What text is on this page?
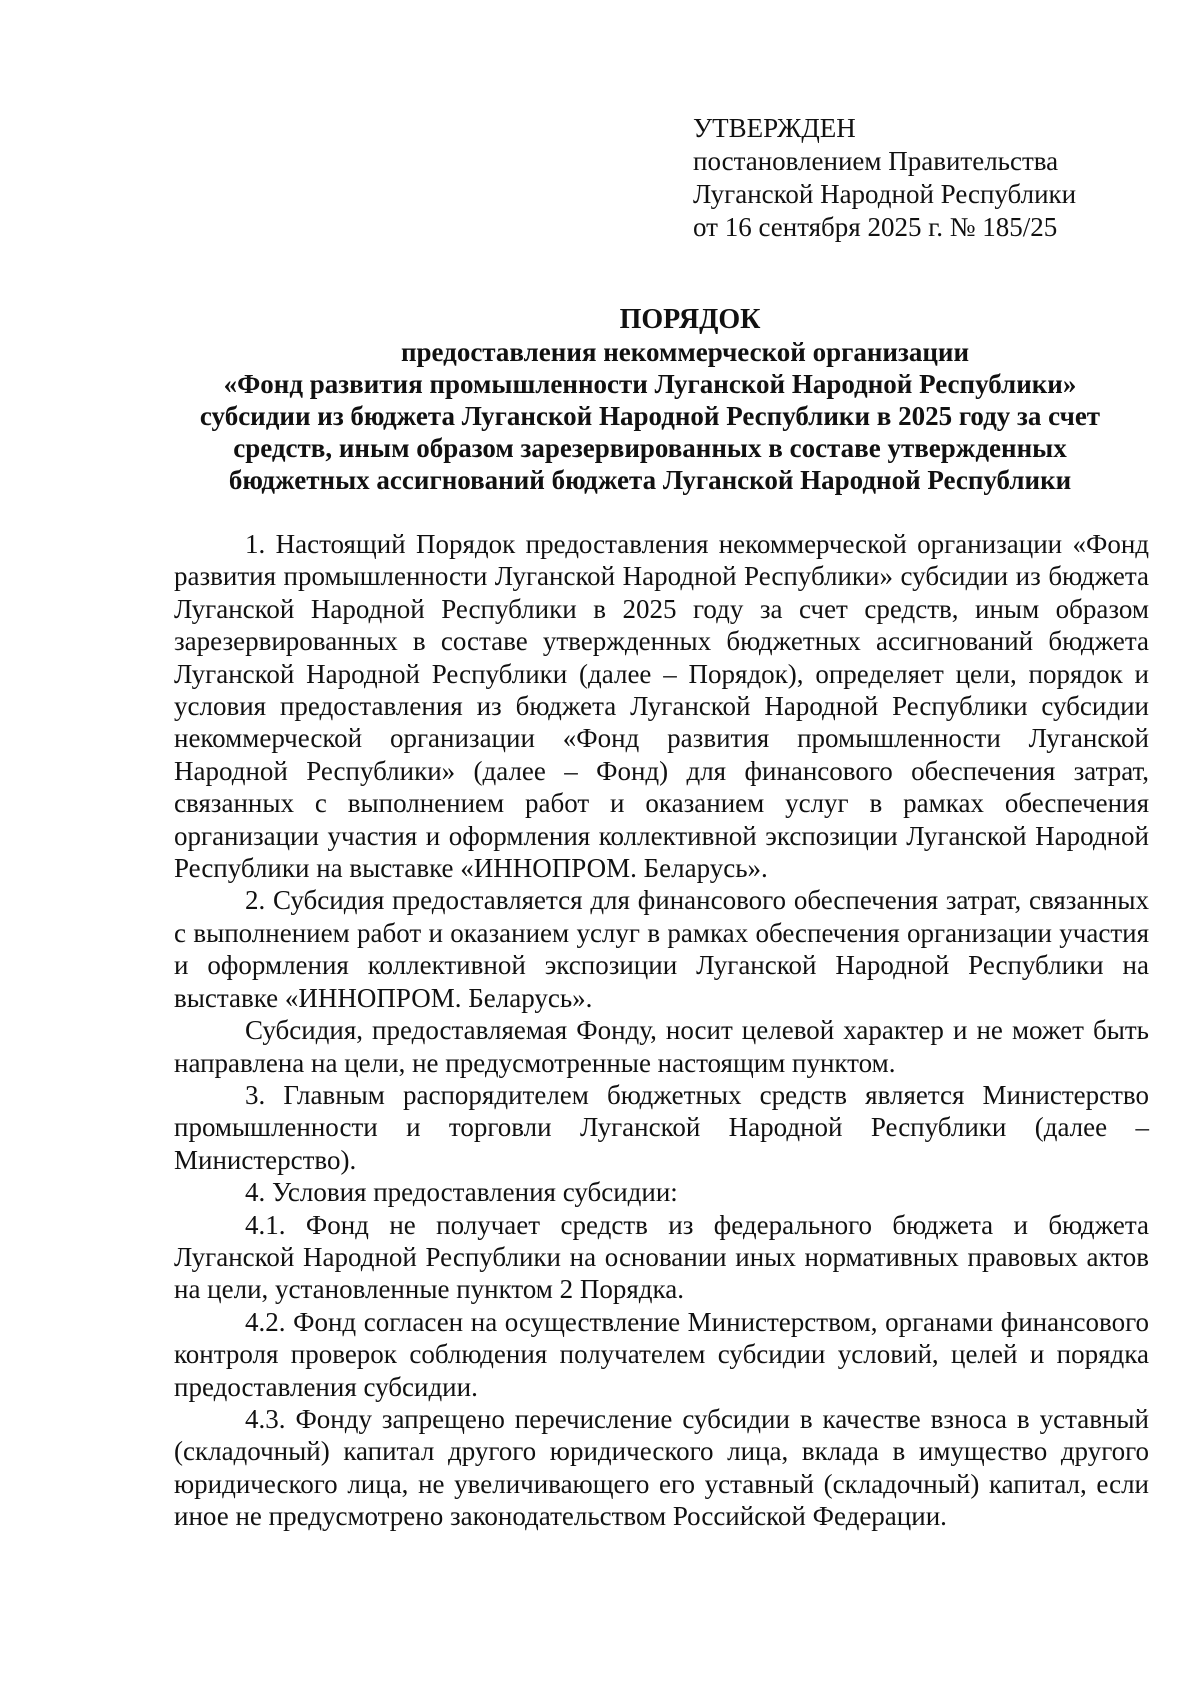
УТВЕРЖДЕН
постановлением Правительства
Луганской Народной Республики
от 16 сентября 2025 г. № 185/25
ПОРЯДОК
предоставления некоммерческой организации
«Фонд развития промышленности Луганской Народной Республики»
субсидии из бюджета Луганской Народной Республики в 2025 году за счет
средств, иным образом зарезервированных в составе утвержденных
бюджетных ассигнований бюджета Луганской Народной Республики

1. Настоящий Порядок предоставления некоммерческой организации «Фонд развития промышленности Луганской Народной Республики» субсидии из бюджета Луганской Народной Республики в 2025 году за счет средств, иным образом зарезервированных в составе утвержденных бюджетных ассигнований бюджета Луганской Народной Республики (далее – Порядок), определяет цели, порядок и условия предоставления из бюджета Луганской Народной Республики субсидии некоммерческой организации «Фонд развития промышленности Луганской Народной Республики» (далее – Фонд) для финансового обеспечения затрат, связанных с выполнением работ и оказанием услуг в рамках обеспечения организации участия и оформления коллективной экспозиции Луганской Народной Республики на выставке «ИННОПРОМ. Беларусь».

2. Субсидия предоставляется для финансового обеспечения затрат, связанных с выполнением работ и оказанием услуг в рамках обеспечения организации участия и оформления коллективной экспозиции Луганской Народной Республики на выставке «ИННОПРОМ. Беларусь».

Субсидия, предоставляемая Фонду, носит целевой характер и не может быть направлена на цели, не предусмотренные настоящим пунктом.

3. Главным распорядителем бюджетных средств является Министерство промышленности и торговли Луганской Народной Республики (далее – Министерство).

4. Условия предоставления субсидии:

4.1. Фонд не получает средств из федерального бюджета и бюджета Луганской Народной Республики на основании иных нормативных правовых актов на цели, установленные пунктом 2 Порядка.

4.2. Фонд согласен на осуществление Министерством, органами финансового контроля проверок соблюдения получателем субсидии условий, целей и порядка предоставления субсидии.

4.3. Фонду запрещено перечисление субсидии в качестве взноса в уставный (складочный) капитал другого юридического лица, вклада в имущество другого юридического лица, не увеличивающего его уставный (складочный) капитал, если иное не предусмотрено законодательством Российской Федерации.
